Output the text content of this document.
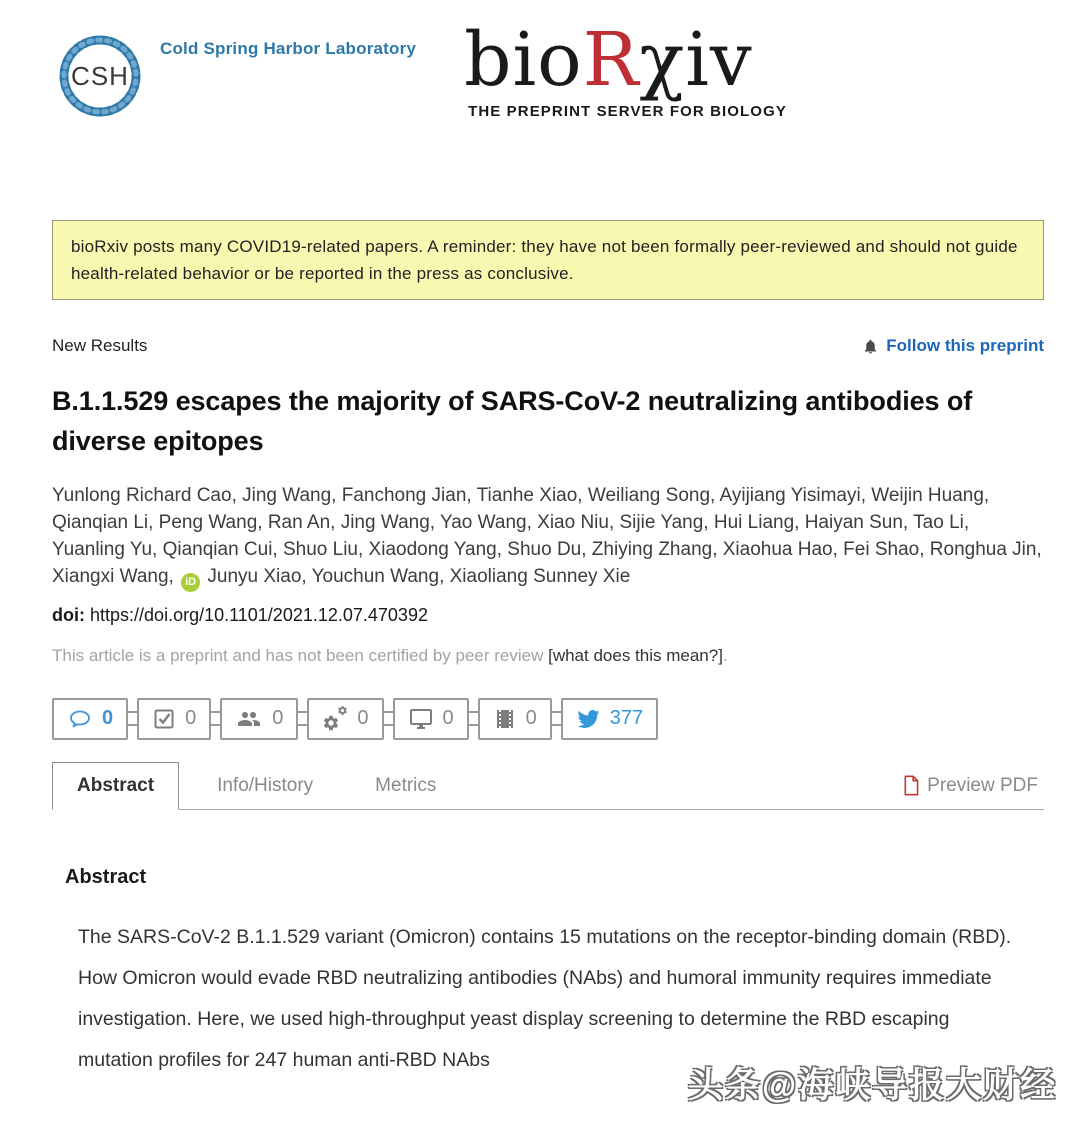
CSH
Cold Spring Harbor Laboratory bioRχiv
THE PREPRINT SERVER FOR BIOLOGY
bioRxiv posts many COVID19-related papers. A reminder: they have not been formally peer-reviewed and should not guide health-related behavior or be reported in the press as conclusive.
New Results	Follow this preprint
B.1.1.529 escapes the majority of SARS-CoV-2 neutralizing antibodies of diverse epitopes

Yunlong Richard Cao, Jing Wang, Fanchong Jian, Tianhe Xiao, Weiliang Song, Ayijiang Yisimayi, Weijin Huang, Qianqian Li, Peng Wang, Ran An, Jing Wang, Yao Wang, Xiao Niu, Sijie Yang, Hui Liang, Haiyan Sun, Tao Li, Yuanling Yu, Qianqian Cui, Shuo Liu, Xiaodong Yang, Shuo Du, Zhiying Zhang, Xiaohua Hao, Fei Shao, Ronghua Jin, Xiangxi Wang, iD Junyu Xiao, Youchun Wang, Xiaoliang Sunney Xie

doi: https://doi.org/10.1101/2021.12.07.470392
This article is a preprint and has not been certified by peer review [what does this mean?].
0	0	0	0	0	0	377
Abstract	Info/History	Metrics	Preview PDF
Abstract

The SARS-CoV-2 B.1.1.529 variant (Omicron) contains 15 mutations on the receptor-binding domain (RBD). How Omicron would evade RBD neutralizing antibodies (NAbs) and humoral immunity requires immediate investigation. Here, we used high-throughput yeast display screening to determine the RBD escaping mutation profiles for 247 human anti-RBD NAbs

头条@海峡导报大财经
